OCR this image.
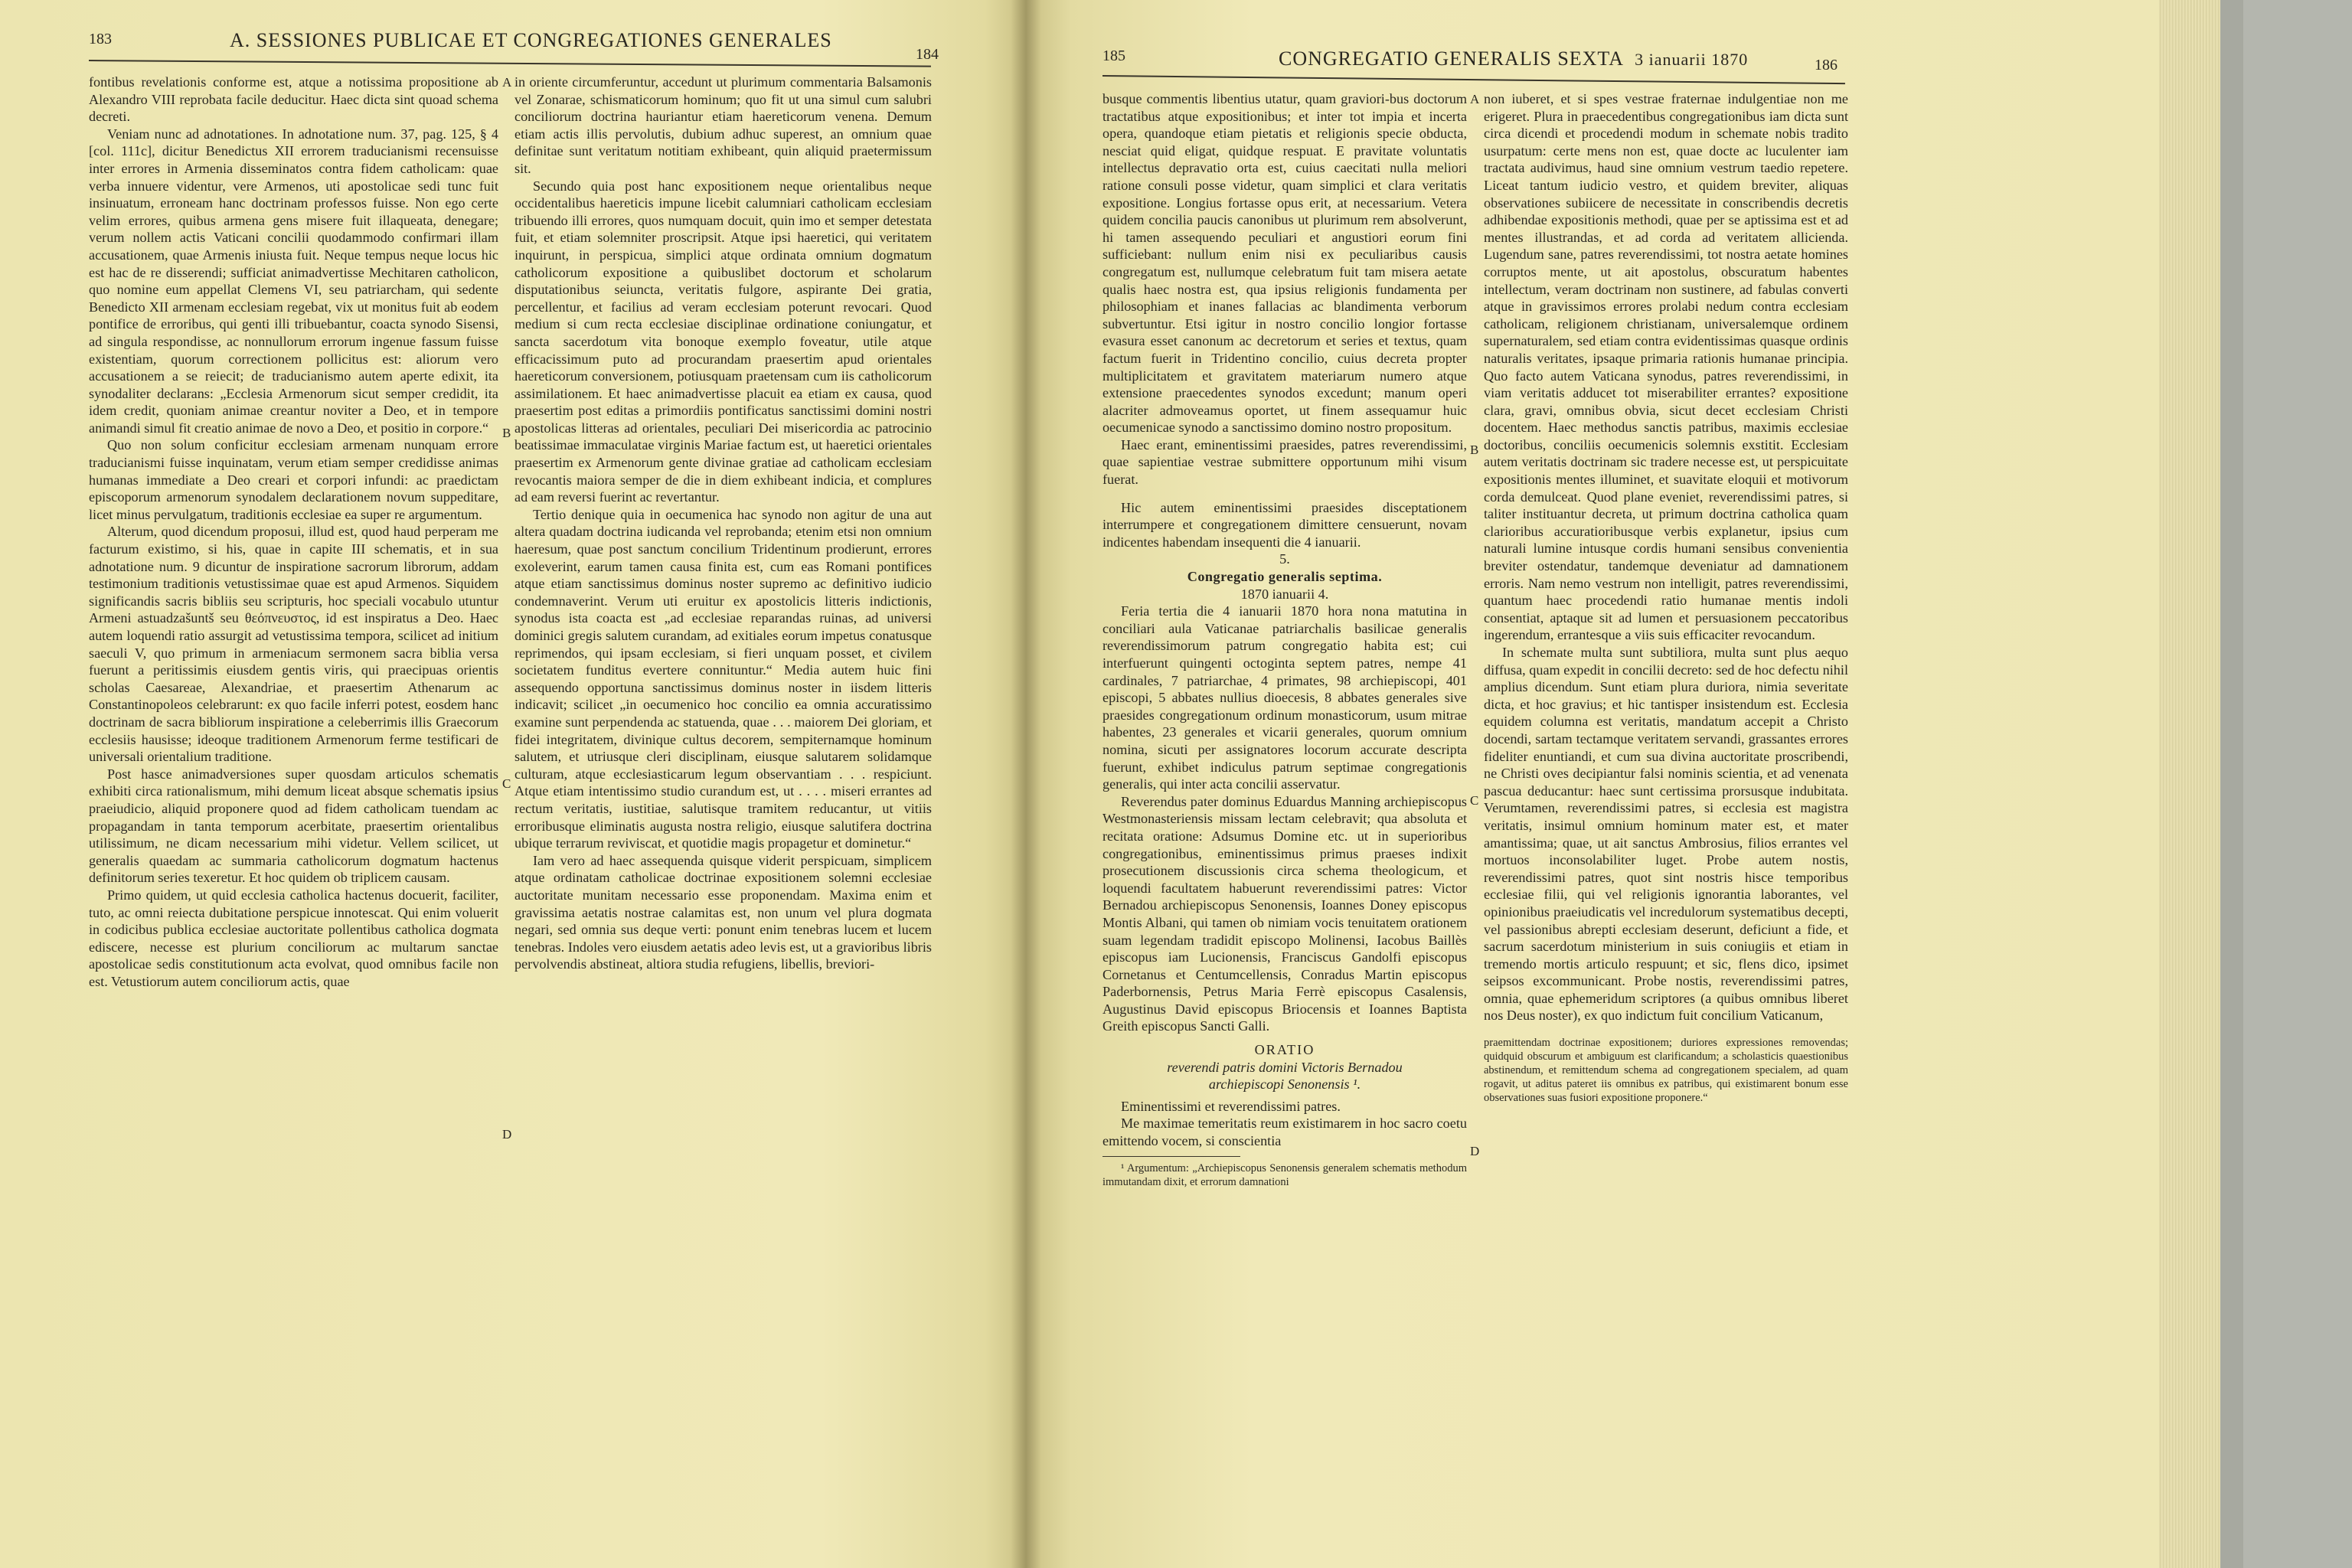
183	A. SESSIONES PUBLICAE ET CONGREGATIONES GENERALES
184

fontibus revelationis conforme est, atque a notissima propositione ab Alexandro VIII reprobata facile deducitur. Haec dicta sint quoad schema decreti.

Veniam nunc ad adnotationes. In adnotatione num. 37, pag. 125, § 4 [col. 111c], dicitur Benedictus XII errorem traducianismi recensuisse inter errores in Armenia disseminatos contra fidem catholicam: quae verba innuere videntur, vere Armenos, uti apostolicae sedi tunc fuit insinuatum, erroneam hanc doctrinam professos fuisse. Non ego certe velim errores, quibus armena gens misere fuit illaqueata, denegare; verum nollem actis Vaticani concilii quodammodo confirmari illam accusationem, quae Armenis iniusta fuit. Neque tempus neque locus hic est hac de re disserendi; sufficiat animadvertisse Mechitaren catholicon, quo nomine eum appellat Clemens VI, seu patriarcham, qui sedente Benedicto XII armenam ecclesiam regebat, vix ut monitus fuit ab eodem pontifice de erroribus, qui genti illi tribuebantur, coacta synodo Sisensi, ad singula respondisse, ac nonnullorum errorum ingenue fassum fuisse existentiam, quorum correctionem pollicitus est: aliorum vero accusationem a se reiecit; de traducianismo autem aperte edixit, ita synodaliter declarans: „Ecclesia Armenorum sicut semper credidit, ita idem credit, quoniam animae creantur noviter a Deo, et in tempore animandi simul fit creatio animae de novo a Deo, et positio in corpore.“

Quo non solum conficitur ecclesiam armenam nunquam errore traducianismi fuisse inquinatam, verum etiam semper credidisse animas humanas immediate a Deo creari et corpori infundi: ac praedictam episcoporum armenorum synodalem declarationem novum suppeditare, licet minus pervulgatum, traditionis ecclesiae ea super re argumentum.

Alterum, quod dicendum proposui, illud est, quod haud perperam me facturum existimo, si his, quae in capite III schematis, et in sua adnotatione num. 9 dicuntur de inspiratione sacrorum librorum, addam testimonium traditionis vetustissimae quae est apud Armenos. Siquidem significandis sacris bibliis seu scripturis, hoc speciali vocabulo utuntur Armeni astuadzašuntš seu θεόπνευστος, id est inspiratus a Deo. Haec autem loquendi ratio assurgit ad vetustissima tempora, scilicet ad initium saeculi V, quo primum in armeniacum sermonem sacra biblia versa fuerunt a peritissimis eiusdem gentis viris, qui praecipuas orientis scholas Caesareae, Alexandriae, et praesertim Athenarum ac Constantinopoleos celebrarunt: ex quo facile inferri potest, eosdem hanc doctrinam de sacra bibliorum inspiratione a celeberrimis illis Graecorum ecclesiis hausisse; ideoque traditionem Armenorum ferme testificari de universali orientalium traditione.

Post hasce animadversiones super quosdam articulos schematis exhibiti circa rationalismum, mihi demum liceat absque schematis ipsius praeiudicio, aliquid proponere quod ad fidem catholicam tuendam ac propagandam in tanta temporum acerbitate, praesertim orientalibus utilissimum, ne dicam necessarium mihi videtur. Vellem scilicet, ut generalis quaedam ac summaria catholicorum dogmatum hactenus definitorum series texeretur. Et hoc quidem ob triplicem causam.

Primo quidem, ut quid ecclesia catholica hactenus docuerit, faciliter, tuto, ac omni reiecta dubitatione perspicue innotescat. Qui enim voluerit in codicibus publica ecclesiae auctoritate pollentibus catholica dogmata ediscere, necesse est plurium conciliorum ac multarum sanctae apostolicae sedis constitutionum acta evolvat, quod omnibus facile non est. Vetustiorum autem conciliorum actis, quae

A
B
C
D

in oriente circumferuntur, accedunt ut plurimum commentaria Balsamonis vel Zonarae, schismaticorum hominum; quo fit ut una simul cum salubri conciliorum doctrina hauriantur etiam haereticorum venena. Demum etiam actis illis pervolutis, dubium adhuc superest, an omnium quae definitae sunt veritatum notitiam exhibeant, quin aliquid praetermissum sit.

Secundo quia post hanc expositionem neque orientalibus neque occidentalibus haereticis impune licebit calumniari catholicam ecclesiam tribuendo illi errores, quos numquam docuit, quin imo et semper detestata fuit, et etiam solemniter proscripsit. Atque ipsi haeretici, qui veritatem inquirunt, in perspicua, simplici atque ordinata omnium dogmatum catholicorum expositione a quibuslibet doctorum et scholarum disputationibus seiuncta, veritatis fulgore, aspirante Dei gratia, percellentur, et facilius ad veram ecclesiam poterunt revocari. Quod medium si cum recta ecclesiae disciplinae ordinatione coniungatur, et sancta sacerdotum vita bonoque exemplo foveatur, utile atque efficacissimum puto ad procurandam praesertim apud orientales haereticorum conversionem, potiusquam praetensam cum iis catholicorum assimilationem. Et haec animadvertisse placuit ea etiam ex causa, quod praesertim post editas a primordiis pontificatus sanctissimi domini nostri apostolicas litteras ad orientales, peculiari Dei misericordia ac patrocinio beatissimae immaculatae virginis Mariae factum est, ut haeretici orientales praesertim ex Armenorum gente divinae gratiae ad catholicam ecclesiam revocantis maiora semper de die in diem exhibeant indicia, et complures ad eam reversi fuerint ac revertantur.

Tertio denique quia in oecumenica hac synodo non agitur de una aut altera quadam doctrina iudicanda vel reprobanda; etenim etsi non omnium haeresum, quae post sanctum concilium Tridentinum prodierunt, errores exoleverint, earum tamen causa finita est, cum eas Romani pontifices atque etiam sanctissimus dominus noster supremo ac definitivo iudicio condemnaverint. Verum uti eruitur ex apostolicis litteris indictionis, synodus ista coacta est „ad ecclesiae reparandas ruinas, ad universi dominici gregis salutem curandam, ad exitiales eorum impetus conatusque reprimendos, qui ipsam ecclesiam, si fieri unquam posset, et civilem societatem funditus evertere connituntur.“ Media autem huic fini assequendo opportuna sanctissimus dominus noster in iisdem litteris indicavit; scilicet „in oecumenico hoc concilio ea omnia accuratissimo examine sunt perpendenda ac statuenda, quae . . . maiorem Dei gloriam, et fidei integritatem, divinique cultus decorem, sempiternamque hominum salutem, et utriusque cleri disciplinam, eiusque salutarem solidamque culturam, atque ecclesiasticarum legum observantiam . . . respiciunt. Atque etiam intentissimo studio curandum est, ut . . . . miseri errantes ad rectum veritatis, iustitiae, salutisque tramitem reducantur, ut vitiis erroribusque eliminatis augusta nostra religio, eiusque salutifera doctrina ubique terrarum reviviscat, et quotidie magis propagetur et dominetur.“

Iam vero ad haec assequenda quisque viderit perspicuam, simplicem atque ordinatam catholicae doctrinae expositionem solemni ecclesiae auctoritate munitam necessario esse proponendam. Maxima enim et gravissima aetatis nostrae calamitas est, non unum vel plura dogmata negari, sed omnia sus deque verti: ponunt enim tenebras lucem et lucem tenebras. Indoles vero eiusdem aetatis adeo levis est, ut a gravioribus libris pervolvendis abstineat, altiora studia refugiens, libellis, breviori-

185	CONGREGATIO GENERALIS SEXTA 3 ianuarii 1870	186

busque commentis libentius utatur, quam graviori-bus doctorum tractatibus atque expositionibus; et inter tot impia et incerta opera, quandoque etiam pietatis et religionis specie obducta, nesciat quid eligat, quidque respuat. E pravitate voluntatis intellectus depravatio orta est, cuius caecitati nulla meliori ratione consuli posse videtur, quam simplici et clara veritatis expositione. Longius fortasse opus erit, at necessarium. Vetera quidem concilia paucis canonibus ut plurimum rem absolverunt, hi tamen assequendo peculiari et angustiori eorum fini sufficiebant: nullum enim nisi ex peculiaribus causis congregatum est, nullumque celebratum fuit tam misera aetate qualis haec nostra est, qua ipsius religionis fundamenta per philosophiam et inanes fallacias ac blandimenta verborum subvertuntur. Etsi igitur in nostro concilio longior fortasse evasura esset canonum ac decretorum et series et textus, quam factum fuerit in Tridentino concilio, cuius decreta propter multiplicitatem et gravitatem materiarum numero atque extensione praecedentes synodos excedunt; manum operi alacriter admoveamus oportet, ut finem assequamur huic oecumenicae synodo a sanctissimo domino nostro propositum.

Haec erant, eminentissimi praesides, patres reverendissimi, quae sapientiae vestrae submittere opportunum mihi visum fuerat.

Hic autem eminentissimi praesides disceptationem interrumpere et congregationem dimittere censuerunt, novam indicentes habendam insequenti die 4 ianuarii.

5.

Congregatio generalis septima.

1870 ianuarii 4.

Feria tertia die 4 ianuarii 1870 hora nona matutina in conciliari aula Vaticanae patriarchalis basilicae generalis reverendissimorum patrum congregatio habita est; cui interfuerunt quingenti octoginta septem patres, nempe 41 cardinales, 7 patriarchae, 4 primates, 98 archiepiscopi, 401 episcopi, 5 abbates nullius dioecesis, 8 abbates generales sive praesides congregationum ordinum monasticorum, usum mitrae habentes, 23 generales et vicarii generales, quorum omnium nomina, sicuti per assignatores locorum accurate descripta fuerunt, exhibet indiculus patrum septimae congregationis generalis, qui inter acta concilii asservatur.

Reverendus pater dominus Eduardus Manning archiepiscopus Westmonasteriensis missam lectam celebravit; qua absoluta et recitata oratione: Adsumus Domine etc. ut in superioribus congregationibus, eminentissimus primus praeses indixit prosecutionem discussionis circa schema theologicum, et loquendi facultatem habuerunt reverendissimi patres: Victor Bernadou archiepiscopus Senonensis, Ioannes Doney episcopus Montis Albani, qui tamen ob nimiam vocis tenuitatem orationem suam legendam tradidit episcopo Molinensi, Iacobus Baillès episcopus iam Lucionensis, Franciscus Gandolfi episcopus Cornetanus et Centumcellensis, Conradus Martin episcopus Paderbornensis, Petrus Maria Ferrè episcopus Casalensis, Augustinus David episcopus Briocensis et Ioannes Baptista Greith episcopus Sancti Galli.

ORATIO

reverendi patris domini Victoris Bernadou

archiepiscopi Senonensis ¹.

Eminentissimi et reverendissimi patres.

Me maximae temeritatis reum existimarem in hoc sacro coetu emittendo vocem, si conscientia

¹ Argumentum: „Archiepiscopus Senonensis generalem schematis methodum immutandam dixit, et errorum damnationi

A
B
C
D

non iuberet, et si spes vestrae fraternae indulgentiae non me erigeret. Plura in praecedentibus congregationibus iam dicta sunt circa dicendi et procedendi modum in schemate nobis tradito usurpatum: certe mens non est, quae docte ac luculenter iam tractata audivimus, haud sine omnium vestrum taedio repetere. Liceat tantum iudicio vestro, et quidem breviter, aliquas observationes subiicere de necessitate in conscribendis decretis adhibendae expositionis methodi, quae per se aptissima est et ad mentes illustrandas, et ad corda ad veritatem alliciendа. Lugendum sane, patres reverendissimi, tot nostra aetate homines corruptos mente, ut ait apostolus, obscuratum habentes intellectum, veram doctrinam non sustinere, ad fabulas converti atque in gravissimos errores prolabi nedum contra ecclesiam catholicam, religionem christianam, universalemque ordinem supernaturalem, sed etiam contra evidentissimas quasque ordinis naturalis veritates, ipsaque primaria rationis humanae principia. Quo facto autem Vaticana synodus, patres reverendissimi, in viam veritatis adducet tot miserabiliter errantes? expositione clara, gravi, omnibus obvia, sicut decet ecclesiam Christi docentem. Haec methodus sanctis patribus, maximis ecclesiae doctoribus, conciliis oecumenicis solemnis exstitit. Ecclesiam autem veritatis doctrinam sic tradere necesse est, ut perspicuitate expositionis mentes illuminet, et suavitate eloquii et motivorum corda demulceat. Quod plane eveniet, reverendissimi patres, si taliter instituantur decreta, ut primum doctrina catholica quam clarioribus accuratioribusque verbis explanetur, ipsius cum naturali lumine intusque cordis humani sensibus convenientia breviter ostendatur, tandemque deveniatur ad damnationem erroris. Nam nemo vestrum non intelligit, patres reverendissimi, quantum haec procedendi ratio humanae mentis indoli consentiat, aptaque sit ad lumen et persuasionem peccatoribus ingerendum, errantesque a viis suis efficaciter revocandum.

In schemate multa sunt subtiliora, multa sunt plus aequo diffusa, quam expedit in concilii decreto: sed de hoc defectu nihil amplius dicendum. Sunt etiam plura duriora, nimia severitate dicta, et hoc gravius; et hic tantisper insistendum est. Ecclesia equidem columna est veritatis, mandatum accepit a Christo docendi, sartam tectamque veritatem servandi, grassantes errores fideliter enuntiandi, et cum sua divina auctoritate proscribendi, ne Christi oves decipiantur falsi nominis scientia, et ad venenata pascua deducantur: haec sunt certissima prorsusque indubitata. Verumtamen, reverendissimi patres, si ecclesia est magistra veritatis, insimul omnium hominum mater est, et mater amantissima; quae, ut ait sanctus Ambrosius, filios errantes vel mortuos inconsolabiliter luget. Probe autem nostis, reverendissimi patres, quot sint nostris hisce temporibus ecclesiae filii, qui vel religionis ignorantia laborantes, vel opinionibus praeiudicatis vel incredulorum systematibus decepti, vel passionibus abrepti ecclesiam deserunt, deficiunt a fide, et sacrum sacerdotum ministerium in suis coniugiis et etiam in tremendo mortis articulo respuunt; et sic, flens dico, ipsimet seipsos excommunicant. Probe nostis, reverendissimi patres, omnia, quae ephemeridum scriptores (a quibus omnibus liberet nos Deus noster), ex quo indictum fuit concilium Vaticanum,

praemittendam doctrinae expositionem; duriores expressiones removendas; quidquid obscurum et ambiguum est clarificandum; a scholasticis quaestionibus abstinendum, et remittendum schema ad congregationem specialem, ad quam rogavit, ut aditus pateret iis omnibus ex patribus, qui existimarent bonum esse observationes suas fusiori expositione proponere.“
